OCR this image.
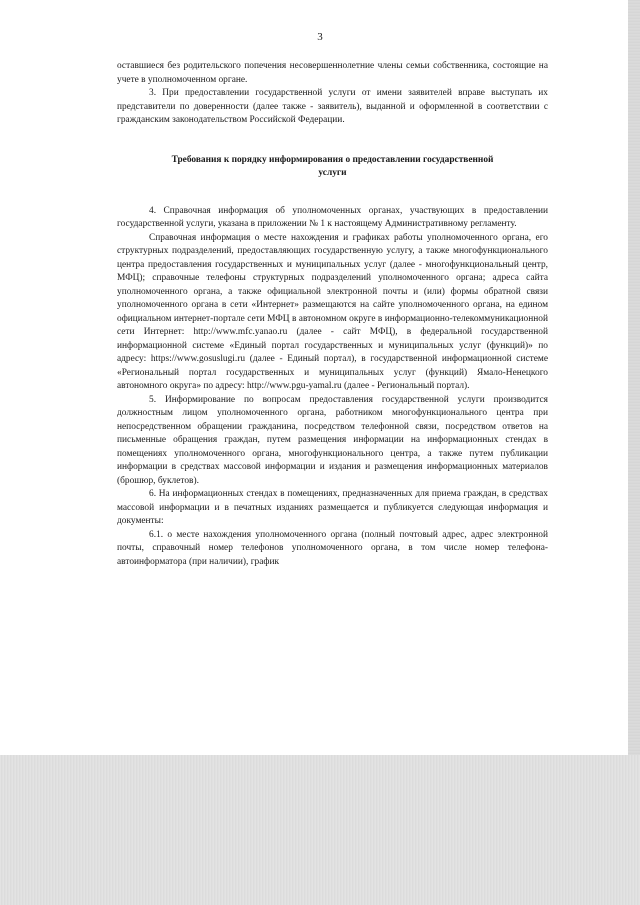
3

оставшиеся без родительского попечения несовершеннолетние члены семьи собственника, состоящие на учете в уполномоченном органе.

3. При предоставлении государственной услуги от имени заявителей вправе выступать их представители по доверенности (далее также - заявитель), выданной и оформленной в соответствии с гражданским законодательством Российской Федерации.

Требования к порядку информирования о предоставлении государственной услуги

4. Справочная информация об уполномоченных органах, участвующих в предоставлении государственной услуги, указана в приложении № 1 к настоящему Административному регламенту.

Справочная информация о месте нахождения и графиках работы уполномоченного органа, его структурных подразделений, предоставляющих государственную услугу, а также многофункционального центра предоставления государственных и муниципальных услуг (далее - многофункциональный центр, МФЦ); справочные телефоны структурных подразделений уполномоченного органа; адреса сайта уполномоченного органа, а также официальной электронной почты и (или) формы обратной связи уполномоченного органа в сети «Интернет» размещаются на сайте уполномоченного органа, на едином официальном интернет-портале сети МФЦ в автономном округе в информационно-телекоммуникационной сети Интернет: http://www.mfc.yanao.ru (далее - сайт МФЦ), в федеральной государственной информационной системе «Единый портал государственных и муниципальных услуг (функций)» по адресу: https://www.gosuslugi.ru (далее - Единый портал), в государственной информационной системе «Региональный портал государственных и муниципальных услуг (функций) Ямало-Ненецкого автономного округа» по адресу: http://www.pgu-yamal.ru (далее - Региональный портал).

5. Информирование по вопросам предоставления государственной услуги производится должностным лицом уполномоченного органа, работником многофункционального центра при непосредственном обращении гражданина, посредством телефонной связи, посредством ответов на письменные обращения граждан, путем размещения информации на информационных стендах в помещениях уполномоченного органа, многофункционального центра, а также путем публикации информации в средствах массовой информации и издания и размещения информационных материалов (брошюр, буклетов).

6. На информационных стендах в помещениях, предназначенных для приема граждан, в средствах массовой информации и в печатных изданиях размещается и публикуется следующая информация и документы:

6.1. о месте нахождения уполномоченного органа (полный почтовый адрес, адрес электронной почты, справочный номер телефонов уполномоченного органа, в том числе номер телефона-автоинформатора (при наличии), график
